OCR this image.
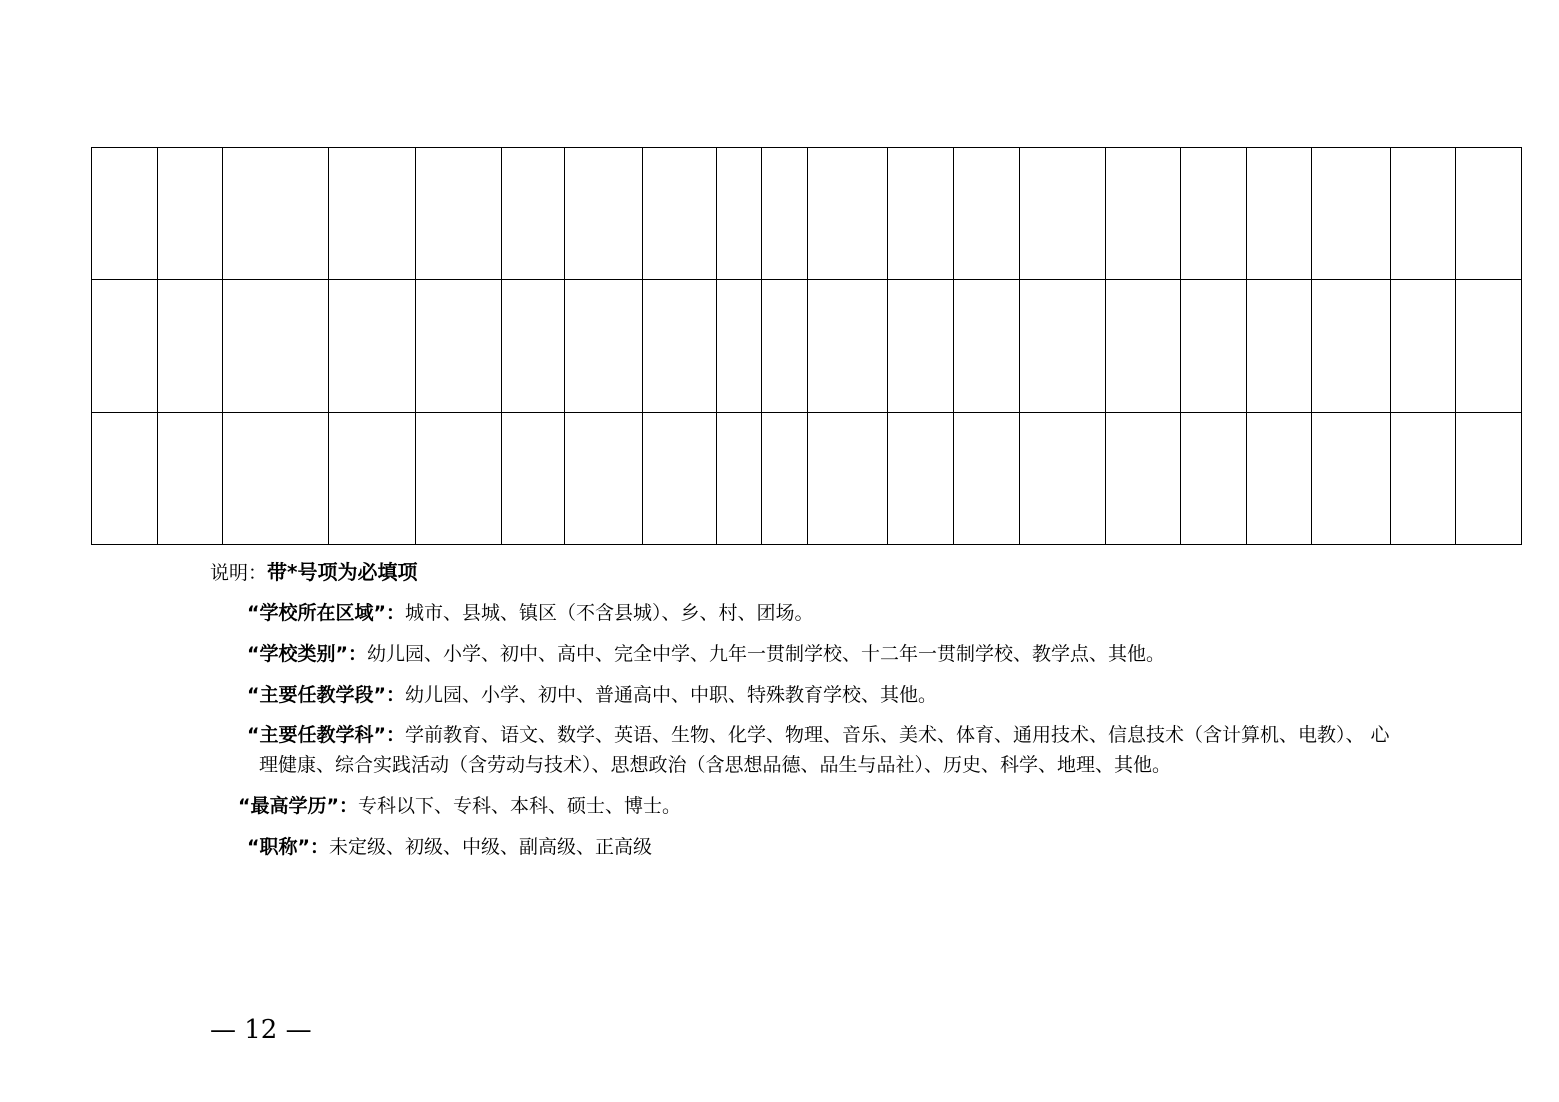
说明：带*号项为必填项
“学校所在区域”：城市、县城、镇区（不含县城）、乡、村、团场。
“学校类别”：幼儿园、小学、初中、高中、完全中学、九年一贯制学校、十二年一贯制学校、教学点、其他。
“主要任教学段”：幼儿园、小学、初中、普通高中、中职、特殊教育学校、其他。
“主要任教学科”：学前教育、语文、数学、英语、生物、化学、物理、音乐、美术、体育、通用技术、信息技术（含计算机、电教）、 心
理健康、综合实践活动（含劳动与技术）、思想政治（含思想品德、品生与品社）、历史、科学、地理、其他。
“最高学历”：专科以下、专科、本科、硕士、博士。
“职称”：未定级、初级、中级、副高级、正高级
— 12 —
